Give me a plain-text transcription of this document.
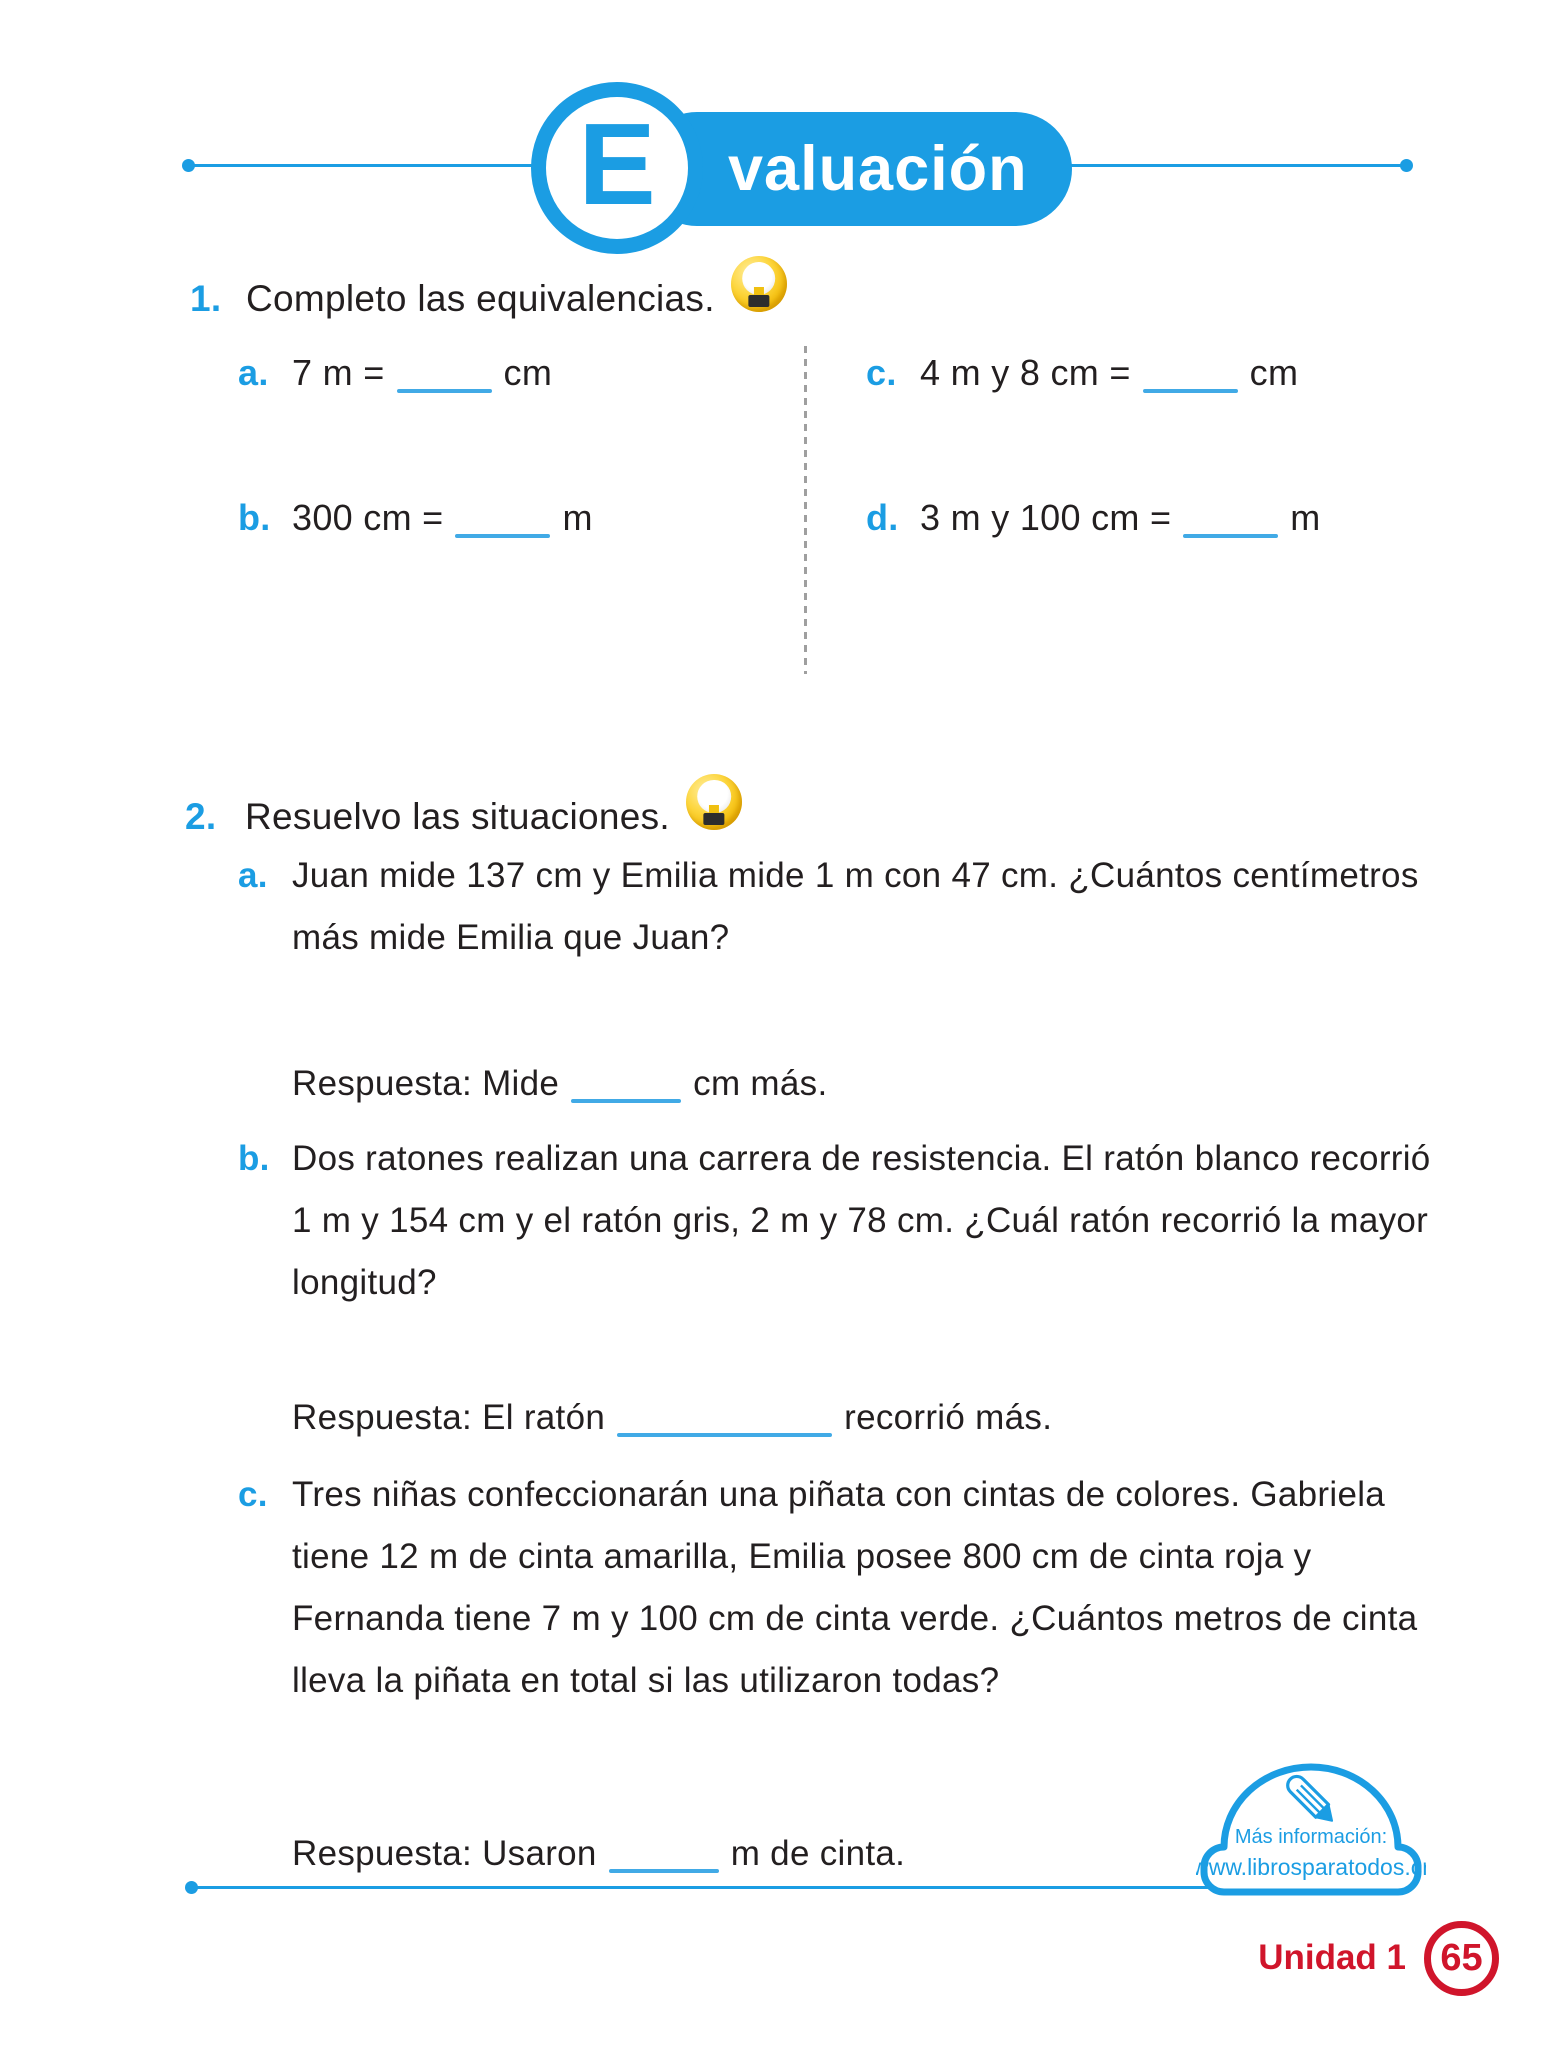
valuación
E
1. Completo las equivalencias.
a. 7 m =	cm	c. 4 m y 8 cm =	cm
b. 300 cm =	m	d. 3 m y 100 cm =	m
2. Resuelvo las situaciones.
a. Juan mide 137 cm y Emilia mide 1 m con 47 cm. ¿Cuántos centímetros más mide Emilia que Juan?
Respuesta: Mide	cm más.
b. Dos ratones realizan una carrera de resistencia. El ratón blanco recorrió 1 m y 154 cm y el ratón gris, 2 m y 78 cm. ¿Cuál ratón recorrió la mayor longitud?
Respuesta: El ratón	recorrió más.
c. Tres niñas confeccionarán una piñata con cintas de colores. Gabriela tiene 12 m de cinta amarilla, Emilia posee 800 cm de cinta roja y Fernanda tiene 7 m y 100 cm de cinta verde. ¿Cuántos metros de cinta lleva la piñata en total si las utilizaron todas?
Respuesta: Usaron	m de cinta.	Más información:
www.librosparatodos.cr
Unidad 1 65
